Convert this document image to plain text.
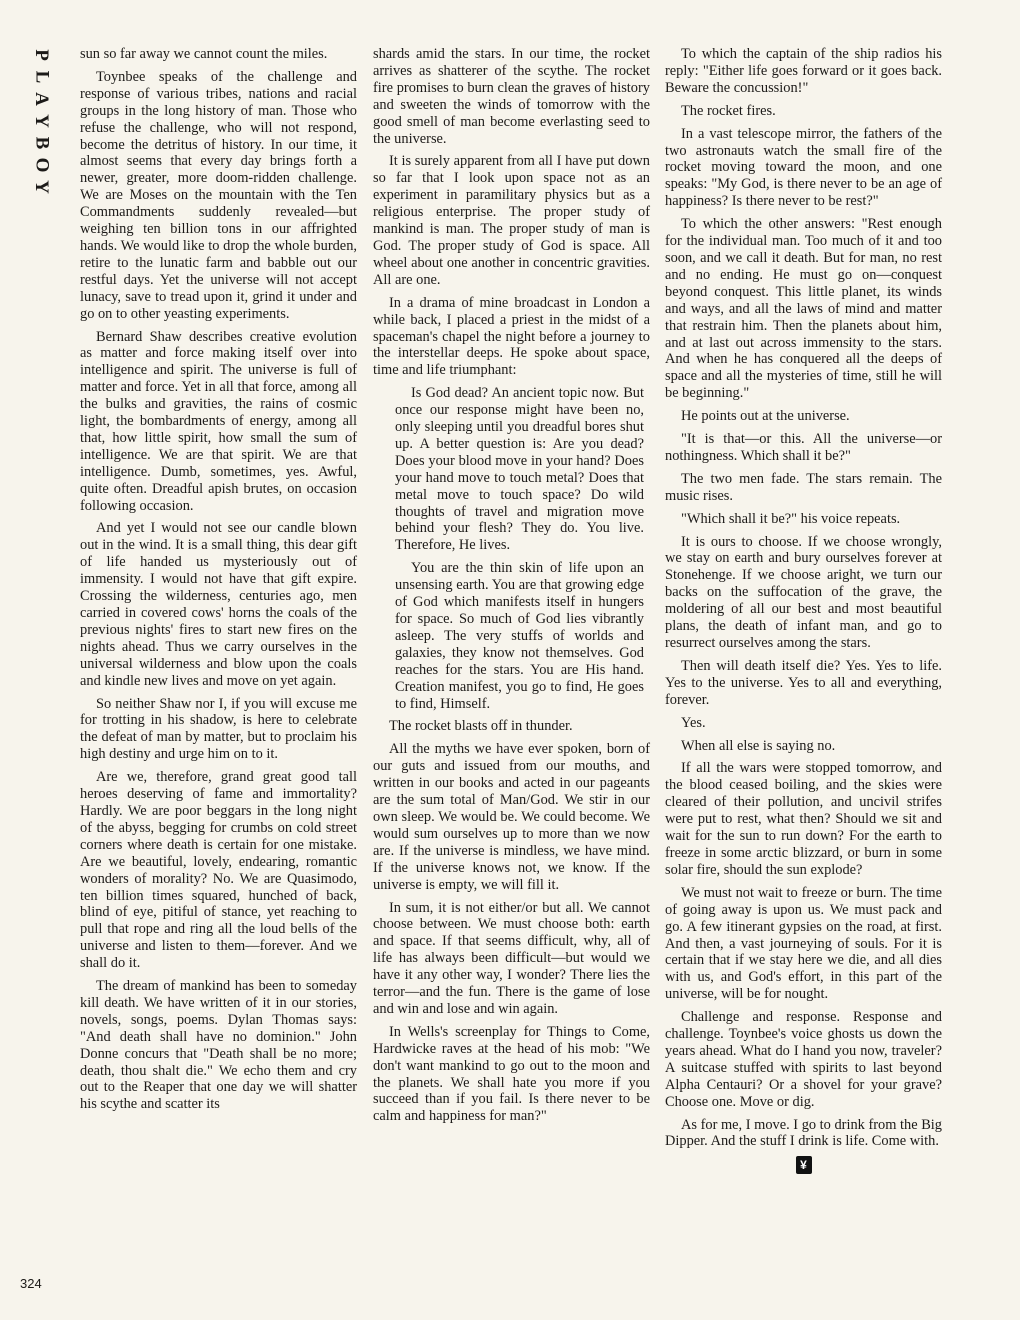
P
L
A
Y
B
O
Y
324

sun so far away we cannot count the miles.

Toynbee speaks of the challenge and response of various tribes, nations and racial groups in the long history of man. Those who refuse the challenge, who will not respond, become the detritus of history. In our time, it almost seems that every day brings forth a newer, greater, more doom-ridden challenge. We are Moses on the mountain with the Ten Commandments suddenly revealed—but weighing ten billion tons in our affrighted hands. We would like to drop the whole burden, retire to the lunatic farm and babble out our restful days. Yet the universe will not accept lunacy, save to tread upon it, grind it under and go on to other yeasting experiments.

Bernard Shaw describes creative evolution as matter and force making itself over into intelligence and spirit. The universe is full of matter and force. Yet in all that force, among all the bulks and gravities, the rains of cosmic light, the bombardments of energy, among all that, how little spirit, how small the sum of intelligence. We are that spirit. We are that intelligence. Dumb, sometimes, yes. Awful, quite often. Dreadful apish brutes, on occasion following occasion.

And yet I would not see our candle blown out in the wind. It is a small thing, this dear gift of life handed us mysteriously out of immensity. I would not have that gift expire. Crossing the wilderness, centuries ago, men carried in covered cows' horns the coals of the previous nights' fires to start new fires on the nights ahead. Thus we carry ourselves in the universal wilderness and blow upon the coals and kindle new lives and move on yet again.

So neither Shaw nor I, if you will excuse me for trotting in his shadow, is here to celebrate the defeat of man by matter, but to proclaim his high destiny and urge him on to it.

Are we, therefore, grand great good tall heroes deserving of fame and immortality? Hardly. We are poor beggars in the long night of the abyss, begging for crumbs on cold street corners where death is certain for one mistake. Are we beautiful, lovely, endearing, romantic wonders of morality? No. We are Quasimodo, ten billion times squared, hunched of back, blind of eye, pitiful of stance, yet reaching to pull that rope and ring all the loud bells of the universe and listen to them—forever. And we shall do it.

The dream of mankind has been to someday kill death. We have written of it in our stories, novels, songs, poems. Dylan Thomas says: "And death shall have no dominion." John Donne concurs that "Death shall be no more; death, thou shalt die." We echo them and cry out to the Reaper that one day we will shatter his scythe and scatter its

shards amid the stars. In our time, the rocket arrives as shatterer of the scythe. The rocket fire promises to burn clean the graves of history and sweeten the winds of tomorrow with the good smell of man become everlasting seed to the universe.

It is surely apparent from all I have put down so far that I look upon space not as an experiment in paramilitary physics but as a religious enterprise. The proper study of mankind is man. The proper study of man is God. The proper study of God is space. All wheel about one another in concentric gravities. All are one.

In a drama of mine broadcast in London a while back, I placed a priest in the midst of a spaceman's chapel the night before a journey to the interstellar deeps. He spoke about space, time and life triumphant:

Is God dead? An ancient topic now. But once our response might have been no, only sleeping until you dreadful bores shut up. A better question is: Are you dead? Does your blood move in your hand? Does your hand move to touch metal? Does that metal move to touch space? Do wild thoughts of travel and migration move behind your flesh? They do. You live. Therefore, He lives.

You are the thin skin of life upon an unsensing earth. You are that growing edge of God which manifests itself in hungers for space. So much of God lies vibrantly asleep. The very stuffs of worlds and galaxies, they know not themselves. God reaches for the stars. You are His hand. Creation manifest, you go to find, He goes to find, Himself.

The rocket blasts off in thunder.

All the myths we have ever spoken, born of our guts and issued from our mouths, and written in our books and acted in our pageants are the sum total of Man/God. We stir in our own sleep. We would be. We could become. We would sum ourselves up to more than we now are. If the universe is mindless, we have mind. If the universe knows not, we know. If the universe is empty, we will fill it.

In sum, it is not either/or but all. We cannot choose between. We must choose both: earth and space. If that seems difficult, why, all of life has always been difficult—but would we have it any other way, I wonder? There lies the terror—and the fun. There is the game of lose and win and lose and win again.

In Wells's screenplay for Things to Come, Hardwicke raves at the head of his mob: "We don't want mankind to go out to the moon and the planets. We shall hate you more if you succeed than if you fail. Is there never to be calm and happiness for man?"

To which the captain of the ship radios his reply: "Either life goes forward or it goes back. Beware the concussion!"

The rocket fires.

In a vast telescope mirror, the fathers of the two astronauts watch the small fire of the rocket moving toward the moon, and one speaks: "My God, is there never to be an age of happiness? Is there never to be rest?"

To which the other answers: "Rest enough for the individual man. Too much of it and too soon, and we call it death. But for man, no rest and no ending. He must go on—conquest beyond conquest. This little planet, its winds and ways, and all the laws of mind and matter that restrain him. Then the planets about him, and at last out across immensity to the stars. And when he has conquered all the deeps of space and all the mysteries of time, still he will be beginning."

He points out at the universe.

"It is that—or this. All the universe—or nothingness. Which shall it be?"

The two men fade. The stars remain. The music rises.

"Which shall it be?" his voice repeats.

It is ours to choose. If we choose wrongly, we stay on earth and bury ourselves forever at Stonehenge. If we choose aright, we turn our backs on the suffocation of the grave, the moldering of all our best and most beautiful plans, the death of infant man, and go to resurrect ourselves among the stars.

Then will death itself die? Yes. Yes to life. Yes to the universe. Yes to all and everything, forever.

Yes.

When all else is saying no.

If all the wars were stopped tomorrow, and the blood ceased boiling, and the skies were cleared of their pollution, and uncivil strifes were put to rest, what then? Should we sit and wait for the sun to run down? For the earth to freeze in some arctic blizzard, or burn in some solar fire, should the sun explode?

We must not wait to freeze or burn. The time of going away is upon us. We must pack and go. A few itinerant gypsies on the road, at first. And then, a vast journeying of souls. For it is certain that if we stay here we die, and all dies with us, and God's effort, in this part of the universe, will be for nought.

Challenge and response. Response and challenge. Toynbee's voice ghosts us down the years ahead. What do I hand you now, traveler? A suitcase stuffed with spirits to last beyond Alpha Centauri? Or a shovel for your grave? Choose one. Move or dig.

As for me, I move. I go to drink from the Big Dipper. And the stuff I drink is life. Come with.

¥
